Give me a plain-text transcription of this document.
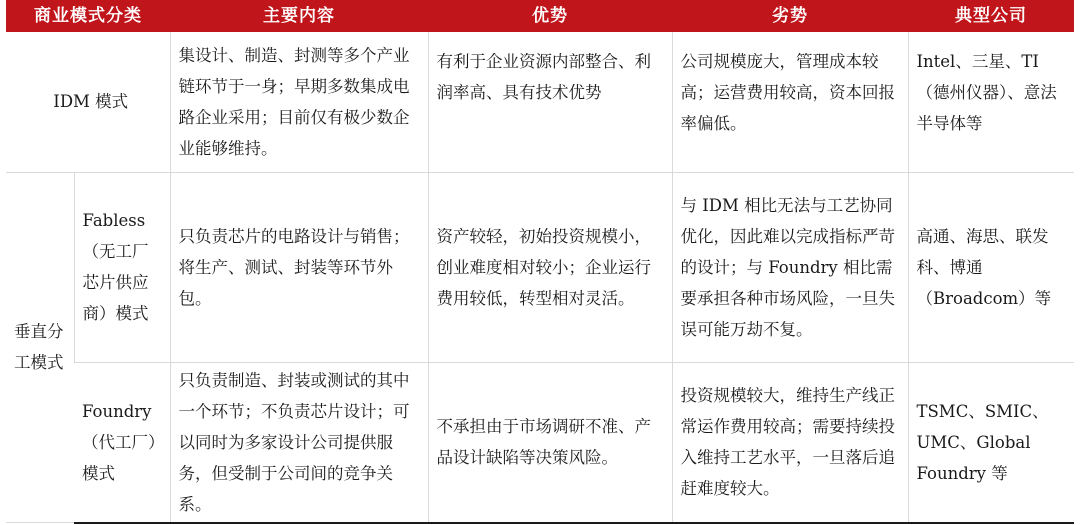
商业模式分类		主要内容	优势	劣势	典型公司
IDM 模式		集设计、制造、封测等多个产业链环节于一身；早期多数集成电路企业采用；目前仅有极少数企业能够维持。	有利于企业资源内部整合、利润率高、具有技术优势	公司规模庞大，管理成本较高；运营费用较高，资本回报率偏低。	Intel、三星、TI（德州仪器）、意法半导体等
垂直分工模式	Fabless（无工厂芯片供应商）模式	只负责芯片的电路设计与销售；将生产、测试、封装等环节外包。	资产较轻，初始投资规模小，创业难度相对较小；企业运行费用较低，转型相对灵活。	与 IDM 相比无法与工艺协同优化，因此难以完成指标严苛的设计；与 Foundry 相比需要承担各种市场风险，一旦失误可能万劫不复。	高通、海思、联发科、博通（Broadcom）等
	Foundry（代工厂）模式	只负责制造、封装或测试的其中一个环节；不负责芯片设计；可以同时为多家设计公司提供服务，但受制于公司间的竞争关系。	不承担由于市场调研不准、产品设计缺陷等决策风险。	投资规模较大，维持生产线正常运作费用较高；需要持续投入维持工艺水平，一旦落后追赶难度较大。	TSMC、SMIC、UMC、Global Foundry 等
